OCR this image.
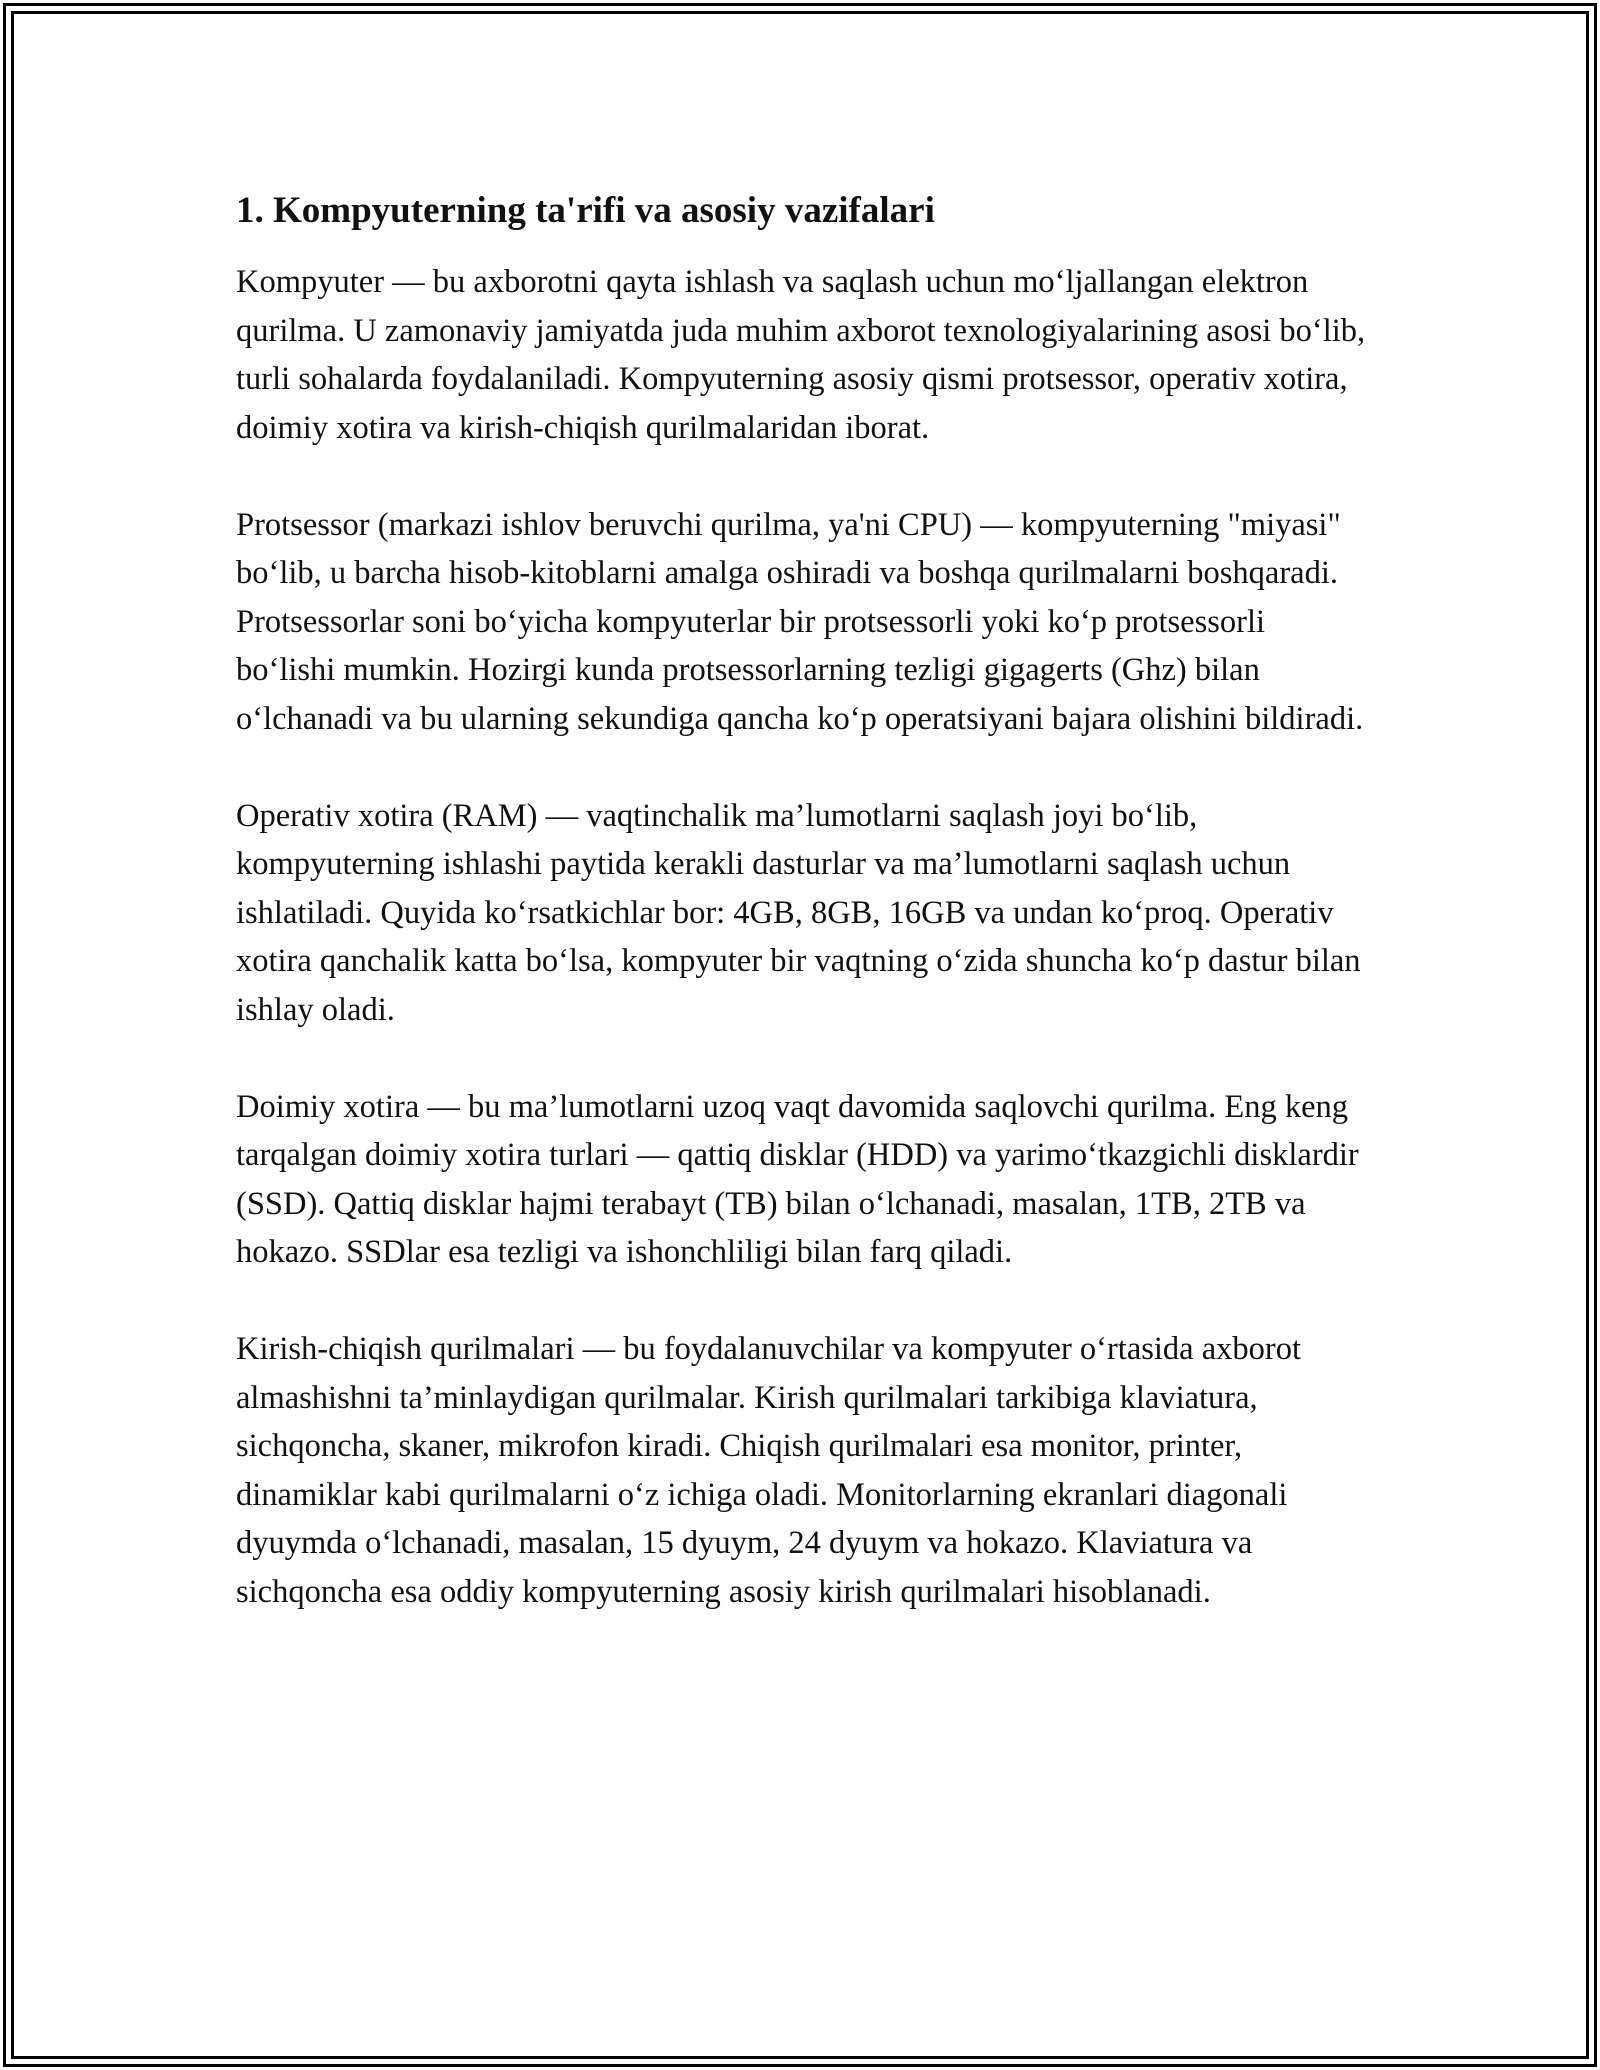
1. Kompyuterning ta'rifi va asosiy vazifalari

Kompyuter — bu axborotni qayta ishlash va saqlash uchun mo‘ljallangan elektron qurilma. U zamonaviy jamiyatda juda muhim axborot texnologiyalarining asosi bo‘lib, turli sohalarda foydalaniladi. Kompyuterning asosiy qismi protsessor, operativ xotira, doimiy xotira va kirish-chiqish qurilmalaridan iborat.

Protsessor (markazi ishlov beruvchi qurilma, ya'ni CPU) — kompyuterning "miyasi" bo‘lib, u barcha hisob-kitoblarni amalga oshiradi va boshqa qurilmalarni boshqaradi. Protsessorlar soni bo‘yicha kompyuterlar bir protsessorli yoki ko‘p protsessorli bo‘lishi mumkin. Hozirgi kunda protsessorlarning tezligi gigagerts (Ghz) bilan o‘lchanadi va bu ularning sekundiga qancha ko‘p operatsiyani bajara olishini bildiradi.

Operativ xotira (RAM) — vaqtinchalik ma’lumotlarni saqlash joyi bo‘lib, kompyuterning ishlashi paytida kerakli dasturlar va ma’lumotlarni saqlash uchun ishlatiladi. Quyida ko‘rsatkichlar bor: 4GB, 8GB, 16GB va undan ko‘proq. Operativ xotira qanchalik katta bo‘lsa, kompyuter bir vaqtning o‘zida shuncha ko‘p dastur bilan ishlay oladi.

Doimiy xotira — bu ma’lumotlarni uzoq vaqt davomida saqlovchi qurilma. Eng keng tarqalgan doimiy xotira turlari — qattiq disklar (HDD) va yarimo‘tkazgichli disklardir (SSD). Qattiq disklar hajmi terabayt (TB) bilan o‘lchanadi, masalan, 1TB, 2TB va hokazo. SSDlar esa tezligi va ishonchliligi bilan farq qiladi.

Kirish-chiqish qurilmalari — bu foydalanuvchilar va kompyuter o‘rtasida axborot almashishni ta’minlaydigan qurilmalar. Kirish qurilmalari tarkibiga klaviatura, sichqoncha, skaner, mikrofon kiradi. Chiqish qurilmalari esa monitor, printer, dinamiklar kabi qurilmalarni o‘z ichiga oladi. Monitorlarning ekranlari diagonali dyuymda o‘lchanadi, masalan, 15 dyuym, 24 dyuym va hokazo. Klaviatura va sichqoncha esa oddiy kompyuterning asosiy kirish qurilmalari hisoblanadi.
